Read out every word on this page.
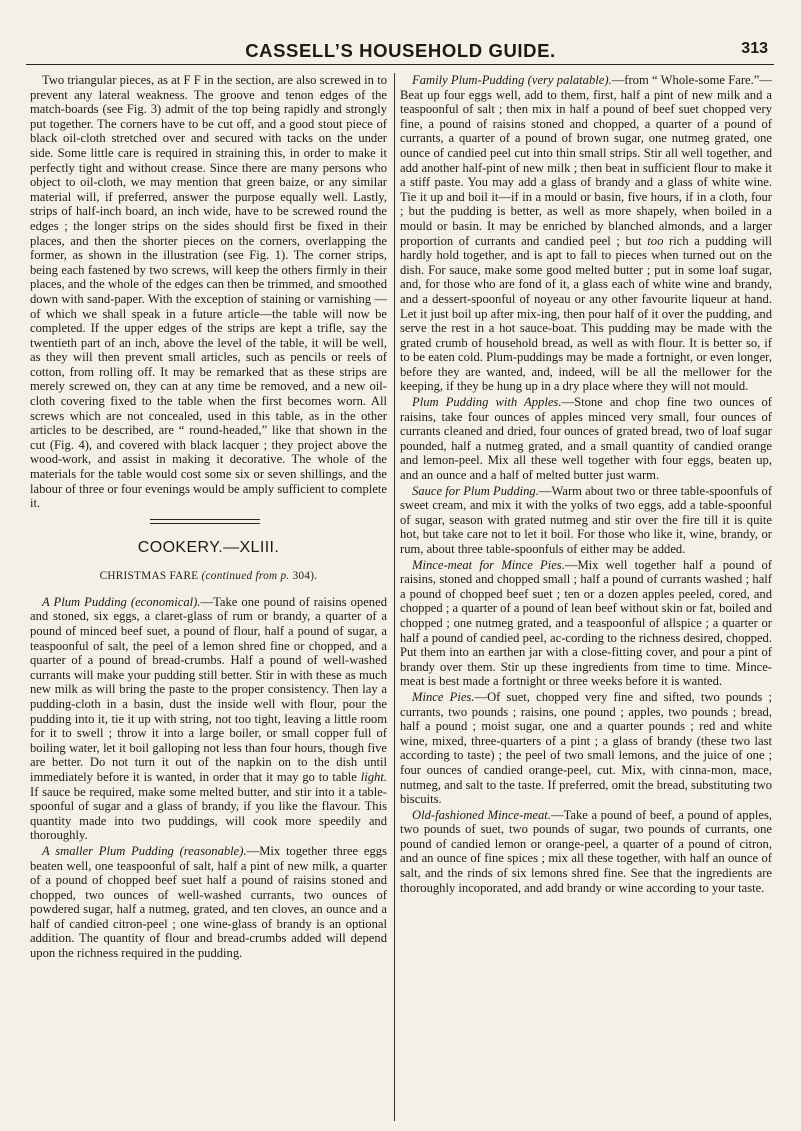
CASSELL’S HOUSEHOLD GUIDE.	313

Two triangular pieces, as at F F in the section, are also screwed in to prevent any lateral weakness. The groove and tenon edges of the match-boards (see Fig. 3) admit of the top being rapidly and strongly put together. The corners have to be cut off, and a good stout piece of black oil-cloth stretched over and secured with tacks on the under side. Some little care is required in straining this, in order to make it perfectly tight and without crease. Since there are many persons who object to oil-cloth, we may mention that green baize, or any similar material will, if preferred, answer the purpose equally well. Lastly, strips of half-inch board, an inch wide, have to be screwed round the edges ; the longer strips on the sides should first be fixed in their places, and then the shorter pieces on the corners, overlapping the former, as shown in the illustration (see Fig. 1). The corner strips, being each fastened by two screws, will keep the others firmly in their places, and the whole of the edges can then be trimmed, and smoothed down with sand-paper. With the exception of staining or varnishing —of which we shall speak in a future article—the table will now be completed. If the upper edges of the strips are kept a trifle, say the twentieth part of an inch, above the level of the table, it will be well, as they will then prevent small articles, such as pencils or reels of cotton, from rolling off. It may be remarked that as these strips are merely screwed on, they can at any time be removed, and a new oil-cloth covering fixed to the table when the first becomes worn. All screws which are not concealed, used in this table, as in the other articles to be described, are “ round-headed,” like that shown in the cut (Fig. 4), and covered with black lacquer ; they project above the wood-work, and assist in making it decorative. The whole of the materials for the table would cost some six or seven shillings, and the labour of three or four evenings would be amply sufficient to complete it.

COOKERY.—XLIII.
CHRISTMAS FARE (continued from p. 304).

A Plum Pudding (economical).—Take one pound of raisins opened and stoned, six eggs, a claret-glass of rum or brandy, a quarter of a pound of minced beef suet, a pound of flour, half a pound of sugar, a teaspoonful of salt, the peel of a lemon shred fine or chopped, and a quarter of a pound of bread-crumbs. Half a pound of well-washed currants will make your pudding still better. Stir in with these as much new milk as will bring the paste to the proper consistency. Then lay a pudding-cloth in a basin, dust the inside well with flour, pour the pudding into it, tie it up with string, not too tight, leaving a little room for it to swell ; throw it into a large boiler, or small copper full of boiling water, let it boil galloping not less than four hours, though five are better. Do not turn it out of the napkin on to the dish until immediately before it is wanted, in order that it may go to table light. If sauce be required, make some melted butter, and stir into it a table-spoonful of sugar and a glass of brandy, if you like the flavour. This quantity made into two puddings, will cook more speedily and thoroughly.

A smaller Plum Pudding (reasonable).—Mix together three eggs beaten well, one teaspoonful of salt, half a pint of new milk, a quarter of a pound of chopped beef suet half a pound of raisins stoned and chopped, two ounces of well-washed currants, two ounces of powdered sugar, half a nutmeg, grated, and ten cloves, an ounce and a half of candied citron-peel ; one wine-glass of brandy is an optional addition. The quantity of flour and bread-crumbs added will depend upon the richness required in the pudding.

Family Plum-Pudding (very palatable).—from “ Whole-some Fare.”—Beat up four eggs well, add to them, first, half a pint of new milk and a teaspoonful of salt ; then mix in half a pound of beef suet chopped very fine, a pound of raisins stoned and chopped, a quarter of a pound of currants, a quarter of a pound of brown sugar, one nutmeg grated, one ounce of candied peel cut into thin small strips. Stir all well together, and add another half-pint of new milk ; then beat in sufficient flour to make it a stiff paste. You may add a glass of brandy and a glass of white wine. Tie it up and boil it—if in a mould or basin, five hours, if in a cloth, four ; but the pudding is better, as well as more shapely, when boiled in a mould or basin. It may be enriched by blanched almonds, and a larger proportion of currants and candied peel ; but too rich a pudding will hardly hold together, and is apt to fall to pieces when turned out on the dish. For sauce, make some good melted butter ; put in some loaf sugar, and, for those who are fond of it, a glass each of white wine and brandy, and a dessert-spoonful of noyeau or any other favourite liqueur at hand. Let it just boil up after mix-ing, then pour half of it over the pudding, and serve the rest in a hot sauce-boat. This pudding may be made with the grated crumb of household bread, as well as with flour. It is better so, if to be eaten cold. Plum-puddings may be made a fortnight, or even longer, before they are wanted, and, indeed, will be all the mellower for the keeping, if they be hung up in a dry place where they will not mould.

Plum Pudding with Apples.—Stone and chop fine two ounces of raisins, take four ounces of apples minced very small, four ounces of currants cleaned and dried, four ounces of grated bread, two of loaf sugar pounded, half a nutmeg grated, and a small quantity of candied orange and lemon-peel. Mix all these well together with four eggs, beaten up, and an ounce and a half of melted butter just warm.

Sauce for Plum Pudding.—Warm about two or three table-spoonfuls of sweet cream, and mix it with the yolks of two eggs, add a table-spoonful of sugar, season with grated nutmeg and stir over the fire till it is quite hot, but take care not to let it boil. For those who like it, wine, brandy, or rum, about three table-spoonfuls of either may be added.

Mince-meat for Mince Pies.—Mix well together half a pound of raisins, stoned and chopped small ; half a pound of currants washed ; half a pound of chopped beef suet ; ten or a dozen apples peeled, cored, and chopped ; a quarter of a pound of lean beef without skin or fat, boiled and chopped ; one nutmeg grated, and a teaspoonful of allspice ; a quarter or half a pound of candied peel, ac-cording to the richness desired, chopped. Put them into an earthen jar with a close-fitting cover, and pour a pint of brandy over them. Stir up these ingredients from time to time. Mince-meat is best made a fortnight or three weeks before it is wanted.

Mince Pies.—Of suet, chopped very fine and sifted, two pounds ; currants, two pounds ; raisins, one pound ; apples, two pounds ; bread, half a pound ; moist sugar, one and a quarter pounds ; red and white wine, mixed, three-quarters of a pint ; a glass of brandy (these two last according to taste) ; the peel of two small lemons, and the juice of one ; four ounces of candied orange-peel, cut. Mix, with cinna-mon, mace, nutmeg, and salt to the taste. If preferred, omit the bread, substituting two biscuits.

Old-fashioned Mince-meat.—Take a pound of beef, a pound of apples, two pounds of suet, two pounds of sugar, two pounds of currants, one pound of candied lemon or orange-peel, a quarter of a pound of citron, and an ounce of fine spices ; mix all these together, with half an ounce of salt, and the rinds of six lemons shred fine. See that the ingredients are thoroughly incoporated, and add brandy or wine according to your taste.
